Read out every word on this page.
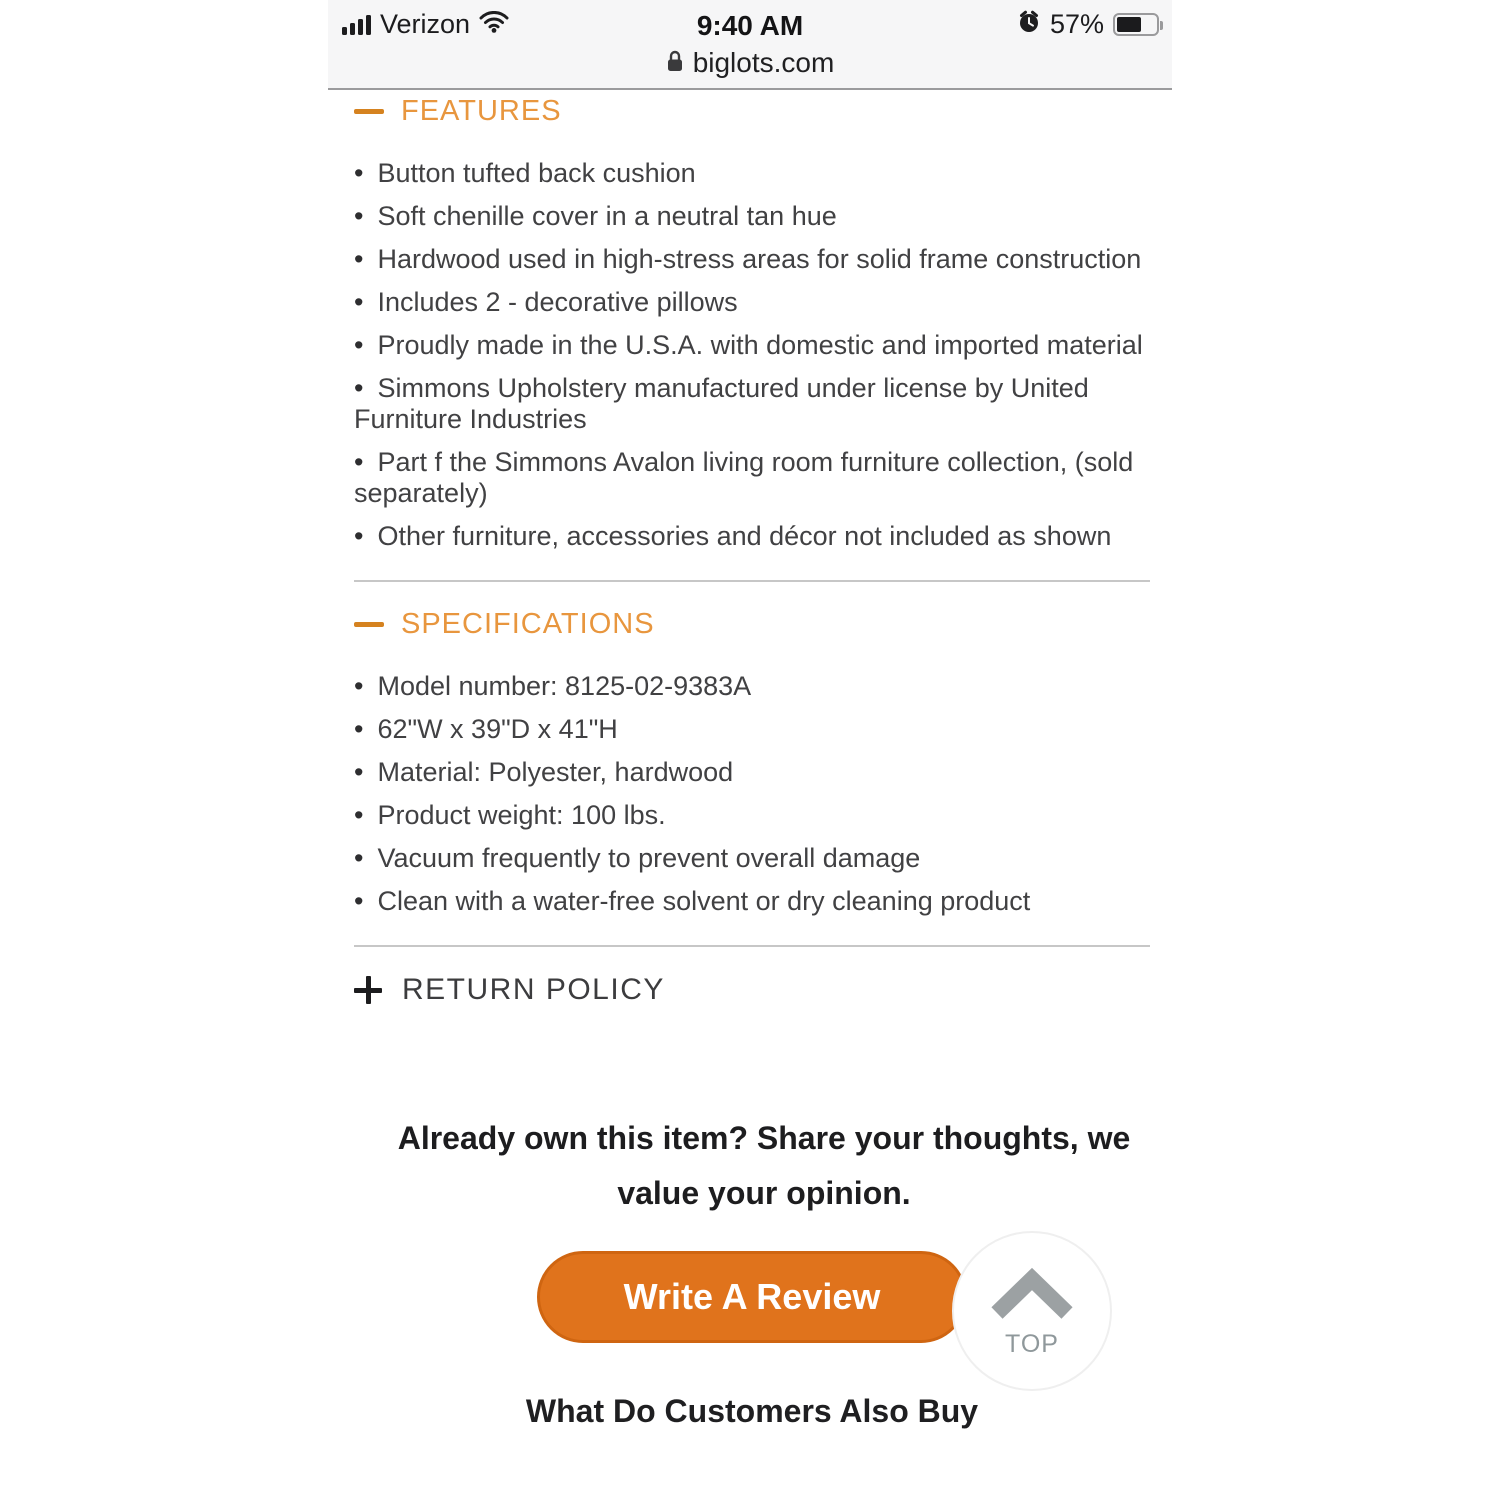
Verizon	9:40 AM	57%
biglots.com
FEATURES
• Button tufted back cushion
• Soft chenille cover in a neutral tan hue
• Hardwood used in high-stress areas for solid frame construction
• Includes 2 - decorative pillows
• Proudly made in the U.S.A. with domestic and imported material
• Simmons Upholstery manufactured under license by United Furniture Industries
• Part f the Simmons Avalon living room furniture collection, (sold separately)
• Other furniture, accessories and décor not included as shown
SPECIFICATIONS
• Model number: 8125-02-9383A
• 62"W x 39"D x 41"H
• Material: Polyester, hardwood
• Product weight: 100 lbs.
• Vacuum frequently to prevent overall damage
• Clean with a water-free solvent or dry cleaning product
RETURN POLICY
Already own this item? Share your thoughts, we value your opinion.
Write A Review
TOP
What Do Customers Also Buy
